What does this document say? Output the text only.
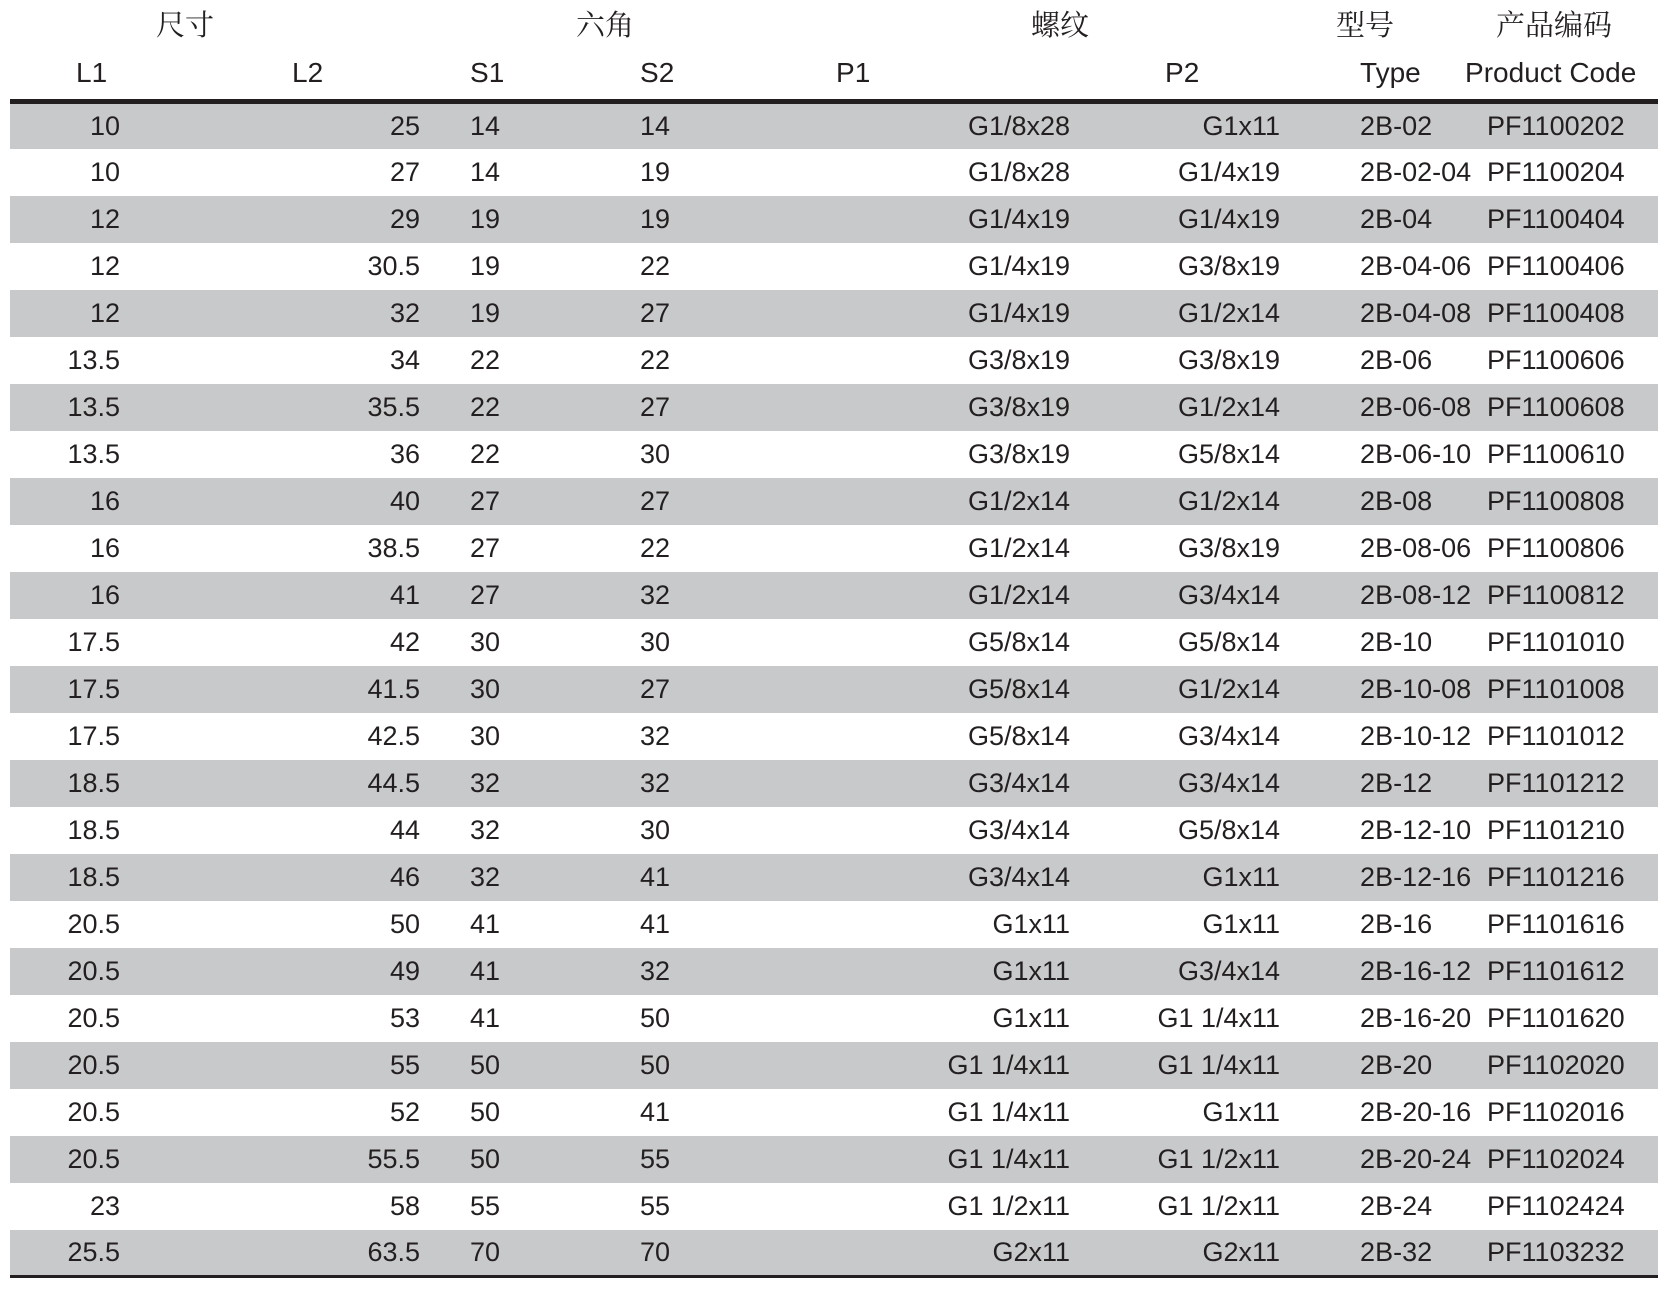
尺寸		六角		螺纹		型号	产品编码
L1	L2	S1	S2	P1	P2	Type	Product Code
10	25	14	14	G1/8x28	G1x11	2B-02	PF1100202
10	27	14	19	G1/8x28	G1/4x19	2B-02-04	PF1100204
12	29	19	19	G1/4x19	G1/4x19	2B-04	PF1100404
12	30.5	19	22	G1/4x19	G3/8x19	2B-04-06	PF1100406
12	32	19	27	G1/4x19	G1/2x14	2B-04-08	PF1100408
13.5	34	22	22	G3/8x19	G3/8x19	2B-06	PF1100606
13.5	35.5	22	27	G3/8x19	G1/2x14	2B-06-08	PF1100608
13.5	36	22	30	G3/8x19	G5/8x14	2B-06-10	PF1100610
16	40	27	27	G1/2x14	G1/2x14	2B-08	PF1100808
16	38.5	27	22	G1/2x14	G3/8x19	2B-08-06	PF1100806
16	41	27	32	G1/2x14	G3/4x14	2B-08-12	PF1100812
17.5	42	30	30	G5/8x14	G5/8x14	2B-10	PF1101010
17.5	41.5	30	27	G5/8x14	G1/2x14	2B-10-08	PF1101008
17.5	42.5	30	32	G5/8x14	G3/4x14	2B-10-12	PF1101012
18.5	44.5	32	32	G3/4x14	G3/4x14	2B-12	PF1101212
18.5	44	32	30	G3/4x14	G5/8x14	2B-12-10	PF1101210
18.5	46	32	41	G3/4x14	G1x11	2B-12-16	PF1101216
20.5	50	41	41	G1x11	G1x11	2B-16	PF1101616
20.5	49	41	32	G1x11	G3/4x14	2B-16-12	PF1101612
20.5	53	41	50	G1x11	G1 1/4x11	2B-16-20	PF1101620
20.5	55	50	50	G1 1/4x11	G1 1/4x11	2B-20	PF1102020
20.5	52	50	41	G1 1/4x11	G1x11	2B-20-16	PF1102016
20.5	55.5	50	55	G1 1/4x11	G1 1/2x11	2B-20-24	PF1102024
23	58	55	55	G1 1/2x11	G1 1/2x11	2B-24	PF1102424
25.5	63.5	70	70	G2x11	G2x11	2B-32	PF1103232
